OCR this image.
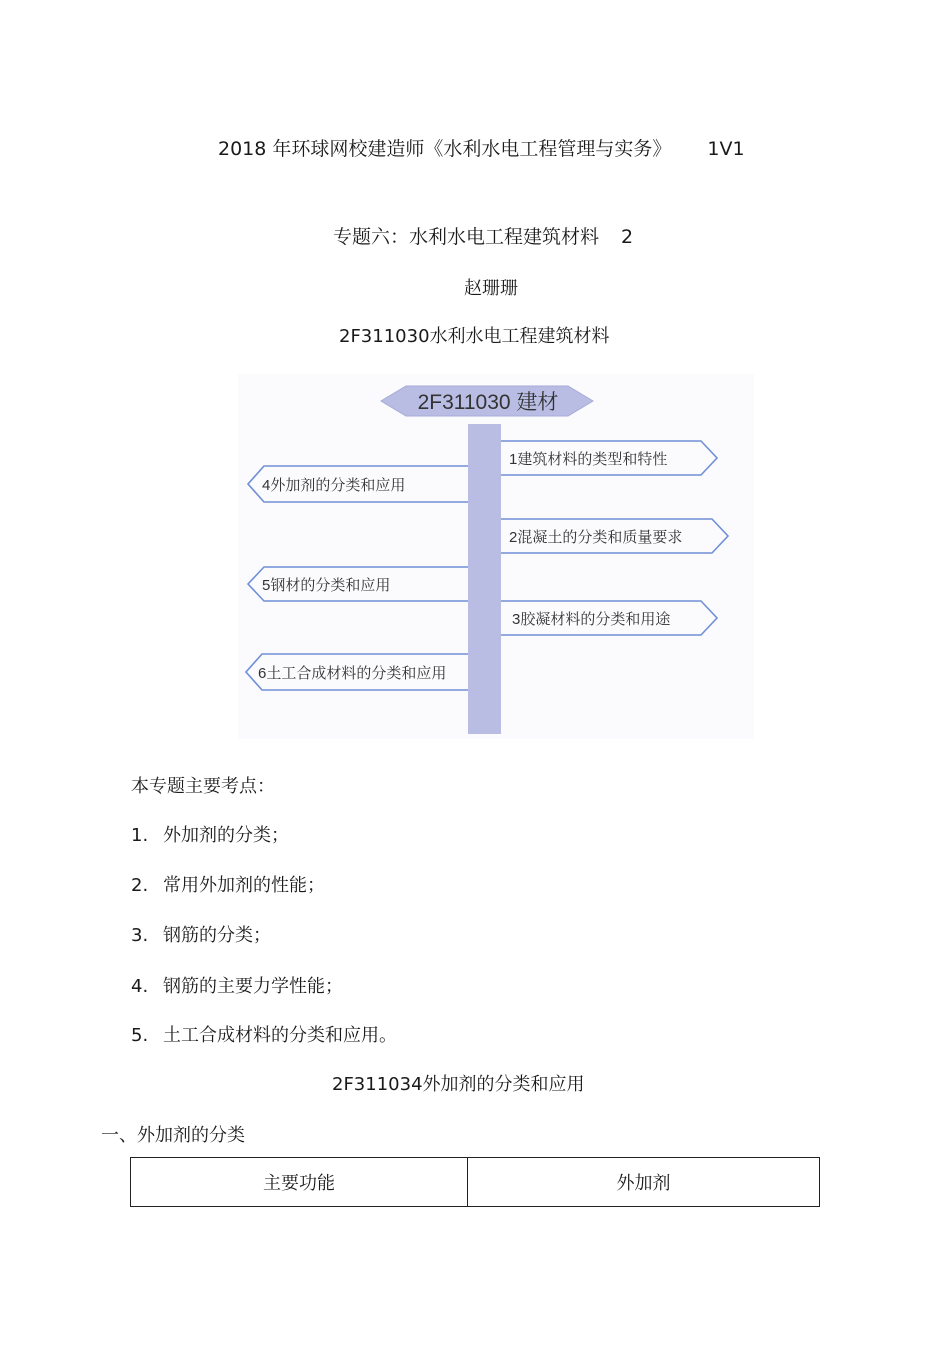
2018 年环球网校建造师《水利水电工程管理与实务》 1V1
专题六：水利水电工程建筑材料 2
赵珊珊
2F311030水利水电工程建筑材料
2F311030 建材
1建筑材料的类型和特性
4外加剂的分类和应用
2混凝土的分类和质量要求
5钢材的分类和应用
3胶凝材料的分类和用途
6土工合成材料的分类和应用
本专题主要考点：
1. 外加剂的分类；
2. 常用外加剂的性能；
3. 钢筋的分类；
4. 钢筋的主要力学性能；
5. 土工合成材料的分类和应用。
2F311034外加剂的分类和应用
一、外加剂的分类
主要功能	外加剂
